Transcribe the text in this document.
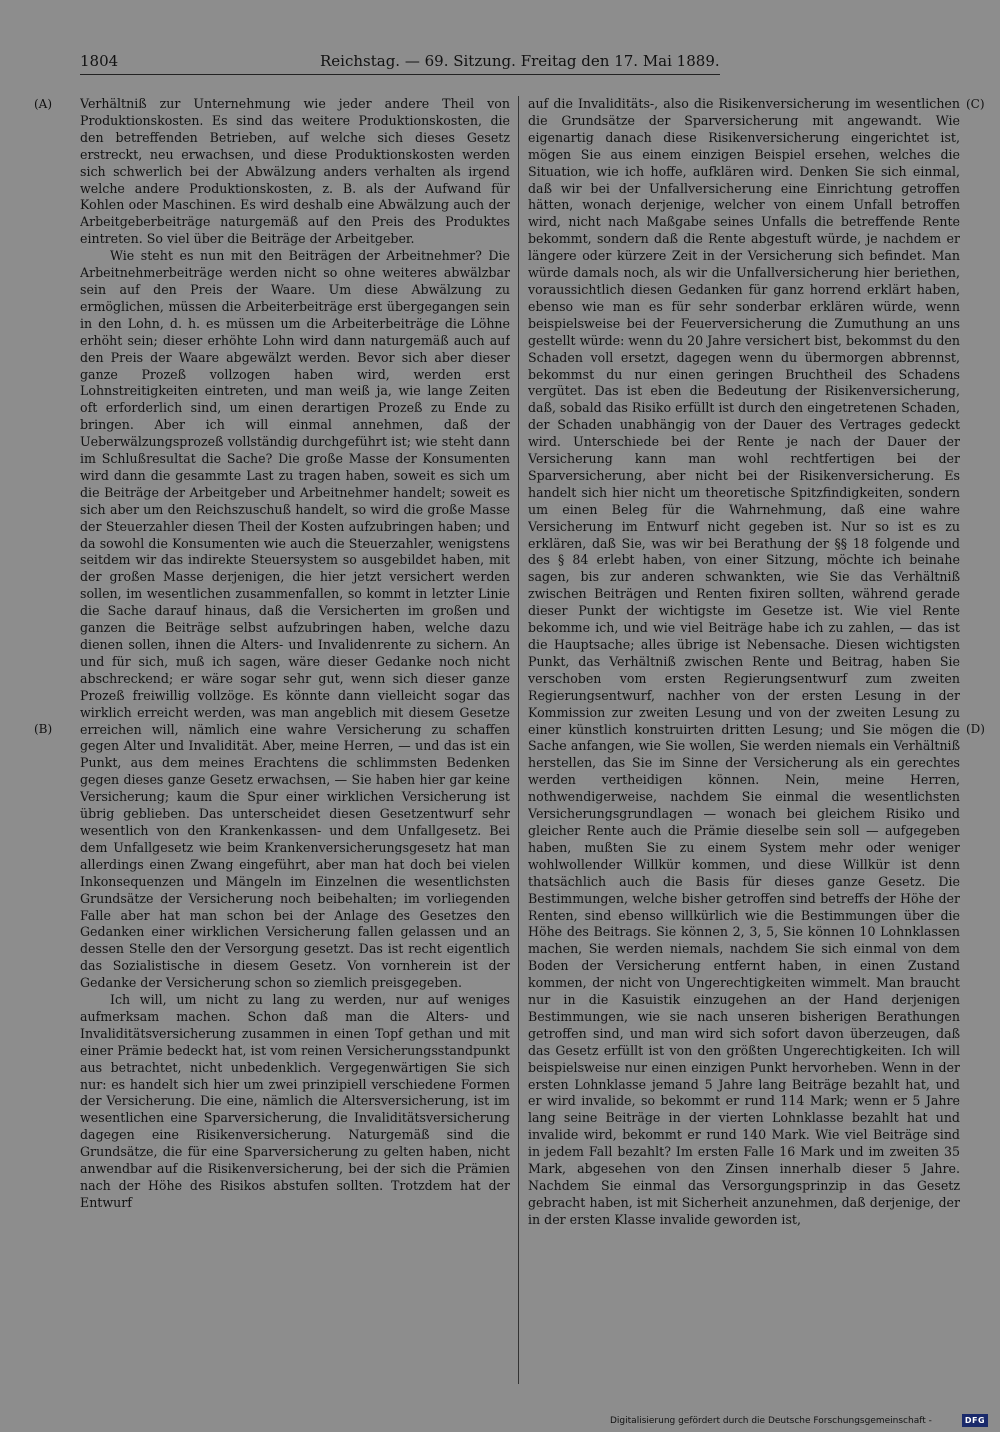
1804	Reichstag. — 69. Sitzung. Freitag den 17. Mai 1889.
(A)
(B)
(C)
(D)

Verhältniß zur Unternehmung wie jeder andere Theil von Produktionskosten. Es sind das weitere Produktionskosten, die den betreffenden Betrieben, auf welche sich dieses Gesetz erstreckt, neu erwachsen, und diese Produktionskosten werden sich schwerlich bei der Abwälzung anders verhalten als irgend welche andere Produktionskosten, z. B. als der Aufwand für Kohlen oder Maschinen. Es wird deshalb eine Abwälzung auch der Arbeitgeberbeiträge naturgemäß auf den Preis des Produktes eintreten. So viel über die Beiträge der Arbeitgeber.

Wie steht es nun mit den Beiträgen der Arbeitnehmer? Die Arbeitnehmerbeiträge werden nicht so ohne weiteres abwälzbar sein auf den Preis der Waare. Um diese Abwälzung zu ermöglichen, müssen die Arbeiterbeiträge erst übergegangen sein in den Lohn, d. h. es müssen um die Arbeiterbeiträge die Löhne erhöht sein; dieser erhöhte Lohn wird dann naturgemäß auch auf den Preis der Waare abgewälzt werden. Bevor sich aber dieser ganze Prozeß vollzogen haben wird, werden erst Lohnstreitigkeiten eintreten, und man weiß ja, wie lange Zeiten oft erforderlich sind, um einen derartigen Prozeß zu Ende zu bringen. Aber ich will einmal annehmen, daß der Ueberwälzungsprozeß vollständig durchgeführt ist; wie steht dann im Schlußresultat die Sache? Die große Masse der Konsumenten wird dann die gesammte Last zu tragen haben, soweit es sich um die Beiträge der Arbeitgeber und Arbeitnehmer handelt; soweit es sich aber um den Reichszuschuß handelt, so wird die große Masse der Steuerzahler diesen Theil der Kosten aufzubringen haben; und da sowohl die Konsumenten wie auch die Steuerzahler, wenigstens seitdem wir das indirekte Steuersystem so ausgebildet haben, mit der großen Masse derjenigen, die hier jetzt versichert werden sollen, im wesentlichen zusammenfallen, so kommt in letzter Linie die Sache darauf hinaus, daß die Versicherten im großen und ganzen die Beiträge selbst aufzubringen haben, welche dazu dienen sollen, ihnen die Alters- und Invalidenrente zu sichern. An und für sich, muß ich sagen, wäre dieser Gedanke noch nicht abschreckend; er wäre sogar sehr gut, wenn sich dieser ganze Prozeß freiwillig vollzöge. Es könnte dann vielleicht sogar das wirklich erreicht werden, was man angeblich mit diesem Gesetze erreichen will, nämlich eine wahre Versicherung zu schaffen gegen Alter und Invalidität. Aber, meine Herren, — und das ist ein Punkt, aus dem meines Erachtens die schlimmsten Bedenken gegen dieses ganze Gesetz erwachsen, — Sie haben hier gar keine Versicherung; kaum die Spur einer wirklichen Versicherung ist übrig geblieben. Das unterscheidet diesen Gesetzentwurf sehr wesentlich von den Krankenkassen- und dem Unfallgesetz. Bei dem Unfallgesetz wie beim Krankenversicherungsgesetz hat man allerdings einen Zwang eingeführt, aber man hat doch bei vielen Inkonsequenzen und Mängeln im Einzelnen die wesentlichsten Grundsätze der Versicherung noch beibehalten; im vorliegenden Falle aber hat man schon bei der Anlage des Gesetzes den Gedanken einer wirklichen Versicherung fallen gelassen und an dessen Stelle den der Versorgung gesetzt. Das ist recht eigentlich das Sozialistische in diesem Gesetz. Von vornherein ist der Gedanke der Versicherung schon so ziemlich preisgegeben.

Ich will, um nicht zu lang zu werden, nur auf weniges aufmerksam machen. Schon daß man die Alters- und Invaliditätsversicherung zusammen in einen Topf gethan und mit einer Prämie bedeckt hat, ist vom reinen Versicherungsstandpunkt aus betrachtet, nicht unbedenklich. Vergegenwärtigen Sie sich nur: es handelt sich hier um zwei prinzipiell verschiedene Formen der Versicherung. Die eine, nämlich die Altersversicherung, ist im wesentlichen eine Sparversicherung, die Invaliditätsversicherung dagegen eine Risikenversicherung. Naturgemäß sind die Grundsätze, die für eine Sparversicherung zu gelten haben, nicht anwendbar auf die Risikenversicherung, bei der sich die Prämien nach der Höhe des Risikos abstufen sollten. Trotzdem hat der Entwurf

auf die Invaliditäts-, also die Risikenversicherung im wesentlichen die Grundsätze der Sparversicherung mit angewandt. Wie eigenartig danach diese Risikenversicherung eingerichtet ist, mögen Sie aus einem einzigen Beispiel ersehen, welches die Situation, wie ich hoffe, aufklären wird. Denken Sie sich einmal, daß wir bei der Unfallversicherung eine Einrichtung getroffen hätten, wonach derjenige, welcher von einem Unfall betroffen wird, nicht nach Maßgabe seines Unfalls die betreffende Rente bekommt, sondern daß die Rente abgestuft würde, je nachdem er längere oder kürzere Zeit in der Versicherung sich befindet. Man würde damals noch, als wir die Unfallversicherung hier beriethen, voraussichtlich diesen Gedanken für ganz horrend erklärt haben, ebenso wie man es für sehr sonderbar erklären würde, wenn beispielsweise bei der Feuerversicherung die Zumuthung an uns gestellt würde: wenn du 20 Jahre versichert bist, bekommst du den Schaden voll ersetzt, dagegen wenn du übermorgen abbrennst, bekommst du nur einen geringen Bruchtheil des Schadens vergütet. Das ist eben die Bedeutung der Risikenversicherung, daß, sobald das Risiko erfüllt ist durch den eingetretenen Schaden, der Schaden unabhängig von der Dauer des Vertrages gedeckt wird. Unterschiede bei der Rente je nach der Dauer der Versicherung kann man wohl rechtfertigen bei der Sparversicherung, aber nicht bei der Risikenversicherung. Es handelt sich hier nicht um theoretische Spitzfindigkeiten, sondern um einen Beleg für die Wahrnehmung, daß eine wahre Versicherung im Entwurf nicht gegeben ist. Nur so ist es zu erklären, daß Sie, was wir bei Berathung der §§ 18 folgende und des § 84 erlebt haben, von einer Sitzung, möchte ich beinahe sagen, bis zur anderen schwankten, wie Sie das Verhältniß zwischen Beiträgen und Renten fixiren sollten, während gerade dieser Punkt der wichtigste im Gesetze ist. Wie viel Rente bekomme ich, und wie viel Beiträge habe ich zu zahlen, — das ist die Hauptsache; alles übrige ist Nebensache. Diesen wichtigsten Punkt, das Verhältniß zwischen Rente und Beitrag, haben Sie verschoben vom ersten Regierungsentwurf zum zweiten Regierungsentwurf, nachher von der ersten Lesung in der Kommission zur zweiten Lesung und von der zweiten Lesung zu einer künstlich konstruirten dritten Lesung; und Sie mögen die Sache anfangen, wie Sie wollen, Sie werden niemals ein Verhältniß herstellen, das Sie im Sinne der Versicherung als ein gerechtes werden vertheidigen können. Nein, meine Herren, nothwendigerweise, nachdem Sie einmal die wesentlichsten Versicherungsgrundlagen — wonach bei gleichem Risiko und gleicher Rente auch die Prämie dieselbe sein soll — aufgegeben haben, mußten Sie zu einem System mehr oder weniger wohlwollender Willkür kommen, und diese Willkür ist denn thatsächlich auch die Basis für dieses ganze Gesetz. Die Bestimmungen, welche bisher getroffen sind betreffs der Höhe der Renten, sind ebenso willkürlich wie die Bestimmungen über die Höhe des Beitrags. Sie können 2, 3, 5, Sie können 10 Lohnklassen machen, Sie werden niemals, nachdem Sie sich einmal von dem Boden der Versicherung entfernt haben, in einen Zustand kommen, der nicht von Ungerechtigkeiten wimmelt. Man braucht nur in die Kasuistik einzugehen an der Hand derjenigen Bestimmungen, wie sie nach unseren bisherigen Berathungen getroffen sind, und man wird sich sofort davon überzeugen, daß das Gesetz erfüllt ist von den größten Ungerechtigkeiten. Ich will beispielsweise nur einen einzigen Punkt hervorheben. Wenn in der ersten Lohnklasse jemand 5 Jahre lang Beiträge bezahlt hat, und er wird invalide, so bekommt er rund 114 Mark; wenn er 5 Jahre lang seine Beiträge in der vierten Lohnklasse bezahlt hat und invalide wird, bekommt er rund 140 Mark. Wie viel Beiträge sind in jedem Fall bezahlt? Im ersten Falle 16 Mark und im zweiten 35 Mark, abgesehen von den Zinsen innerhalb dieser 5 Jahre. Nachdem Sie einmal das Versorgungsprinzip in das Gesetz gebracht haben, ist mit Sicherheit anzunehmen, daß derjenige, der in der ersten Klasse invalide geworden ist,

Digitalisierung gefördert durch die Deutsche Forschungsgemeinschaft -	DFG
